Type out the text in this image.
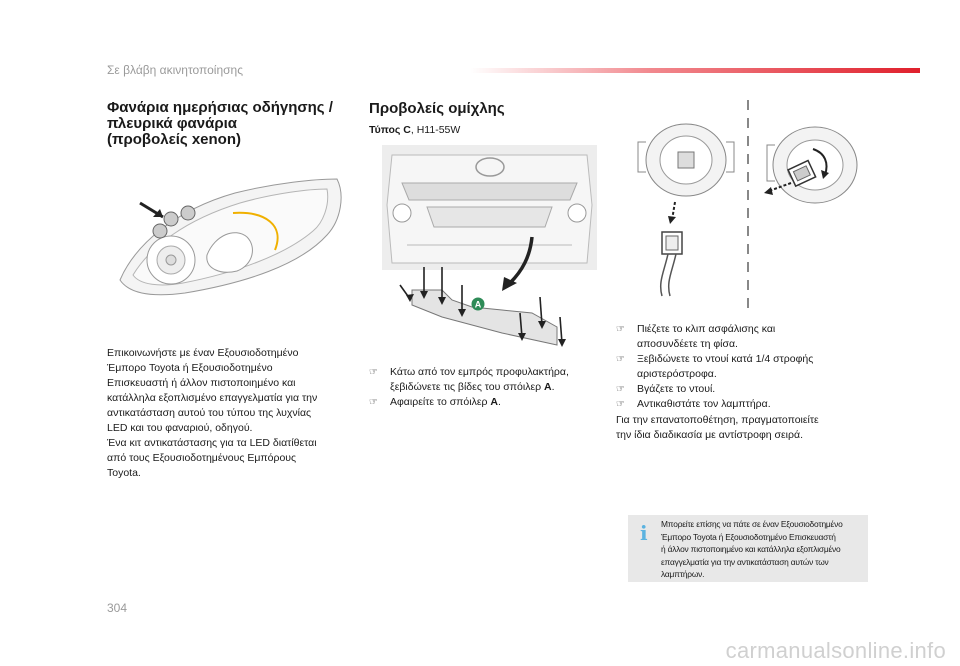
Σε βλάβη ακινητοποίησης
Φανάρια ημερήσιας οδήγησης /
πλευρικά φανάρια
(προβολείς xenon)
Επικοινωνήστε με έναν Εξουσιοδοτημένο
Έμπορο Toyota ή Εξουσιοδοτημένο
Επισκευαστή ή άλλον πιστοποιημένο και
κατάλληλα εξοπλισμένο επαγγελματία για την
αντικατάσταση αυτού του τύπου της λυχνίας
LED και του φαναριού, οδηγού.
Ένα κιτ αντικατάστασης για τα LED διατίθεται
από τους Εξουσιοδοτημένους Εμπόρους
Toyota.
Προβολείς ομίχλης
Τύπος C, H11-55W
A
☞ Κάτω από τον εμπρός προφυλακτήρα,
ξεβιδώνετε τις βίδες του σπόιλερ A.
☞ Αφαιρείτε το σπόιλερ A.
☞ Πιέζετε το κλιπ ασφάλισης και
αποσυνδέετε τη φίσα.
☞ Ξεβιδώνετε το ντουί κατά 1/4 στροφής
αριστερόστροφα.
☞ Βγάζετε το ντουί.
☞ Αντικαθιστάτε τον λαμπτήρα.
Για την επανατοποθέτηση, πραγματοποιείτε
την ίδια διαδικασία με αντίστροφη σειρά.
i Μπορείτε επίσης να πάτε σε έναν Εξουσιοδοτημένο
Έμπορο Toyota ή Εξουσιοδοτημένο Επισκευαστή
ή άλλον πιστοποιημένο και κατάλληλα εξοπλισμένο
επαγγελματία για την αντικατάσταση αυτών των
λαμπτήρων.
304
carmanualsonline.info
